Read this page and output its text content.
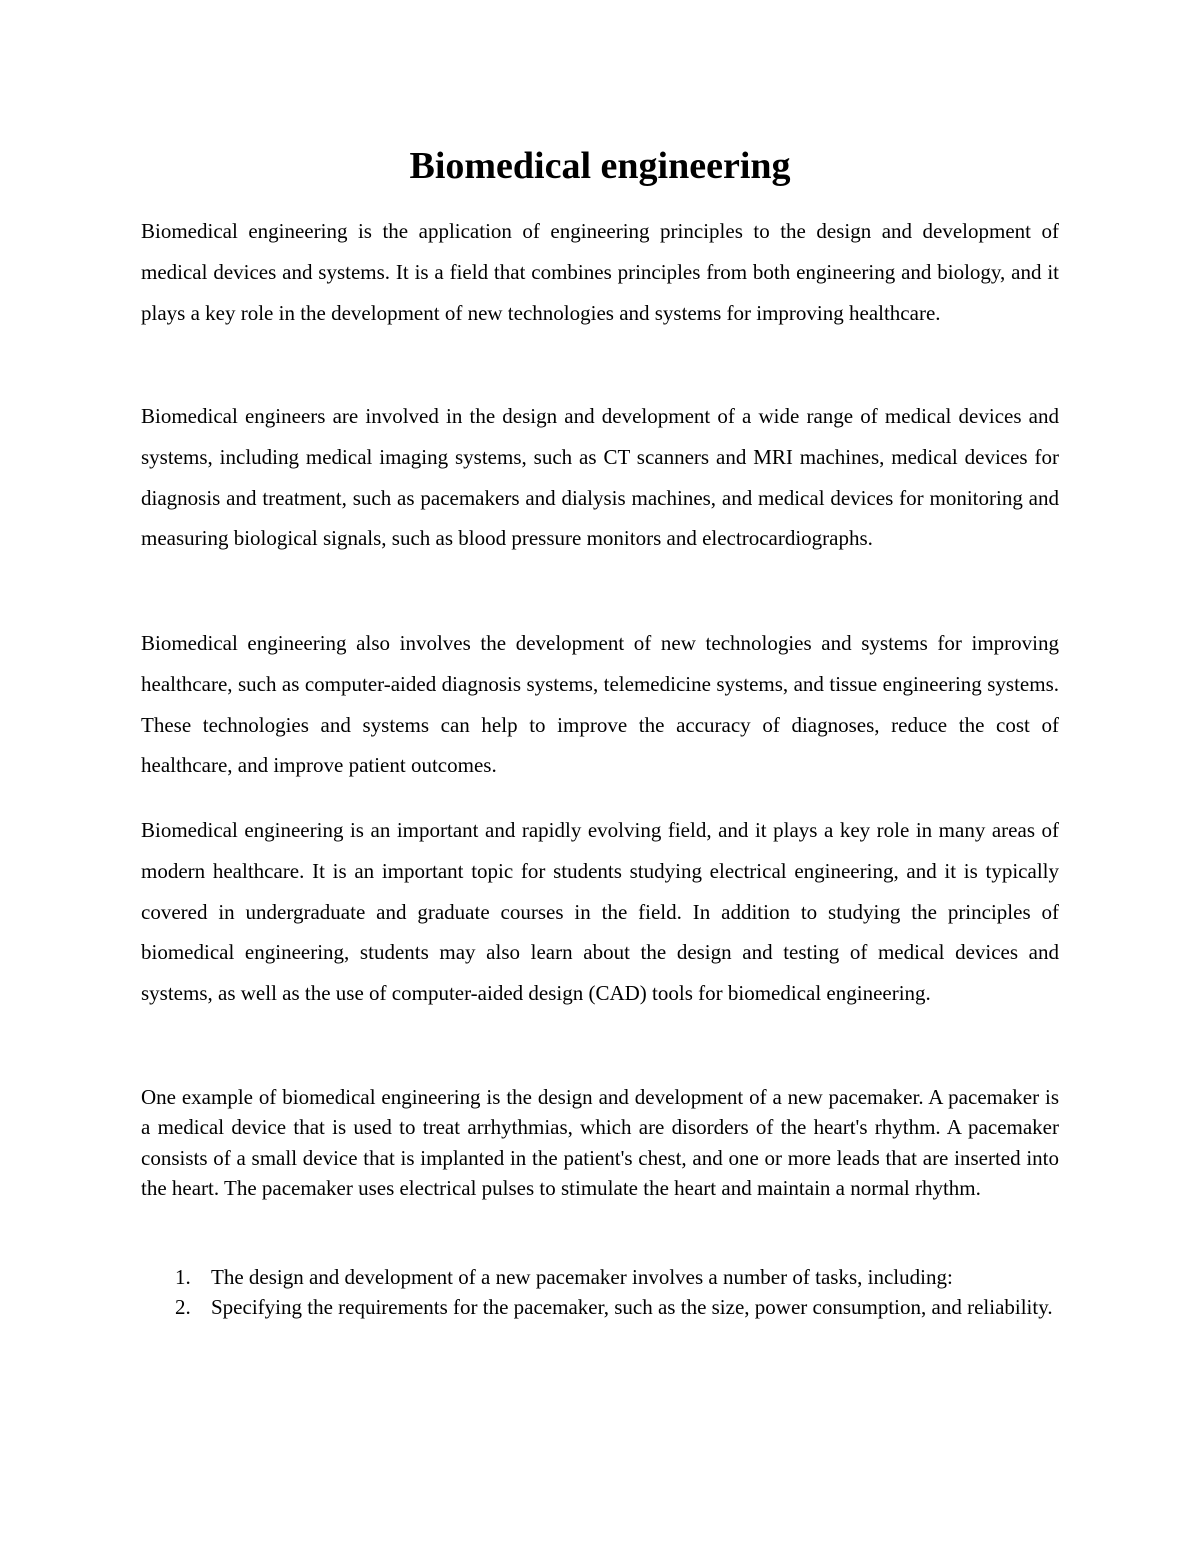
Biomedical engineering

Biomedical engineering is the application of engineering principles to the design and development of medical devices and systems. It is a field that combines principles from both engineering and biology, and it plays a key role in the development of new technologies and systems for improving healthcare.

Biomedical engineers are involved in the design and development of a wide range of medical devices and systems, including medical imaging systems, such as CT scanners and MRI machines, medical devices for diagnosis and treatment, such as pacemakers and dialysis machines, and medical devices for monitoring and measuring biological signals, such as blood pressure monitors and electrocardiographs.

Biomedical engineering also involves the development of new technologies and systems for improving healthcare, such as computer-aided diagnosis systems, telemedicine systems, and tissue engineering systems. These technologies and systems can help to improve the accuracy of diagnoses, reduce the cost of healthcare, and improve patient outcomes.

Biomedical engineering is an important and rapidly evolving field, and it plays a key role in many areas of modern healthcare. It is an important topic for students studying electrical engineering, and it is typically covered in undergraduate and graduate courses in the field. In addition to studying the principles of biomedical engineering, students may also learn about the design and testing of medical devices and systems, as well as the use of computer-aided design (CAD) tools for biomedical engineering.

One example of biomedical engineering is the design and development of a new pacemaker. A pacemaker is a medical device that is used to treat arrhythmias, which are disorders of the heart's rhythm. A pacemaker consists of a small device that is implanted in the patient's chest, and one or more leads that are inserted into the heart. The pacemaker uses electrical pulses to stimulate the heart and maintain a normal rhythm.

1. The design and development of a new pacemaker involves a number of tasks, including:
2. Specifying the requirements for the pacemaker, such as the size, power consumption, and reliability.
